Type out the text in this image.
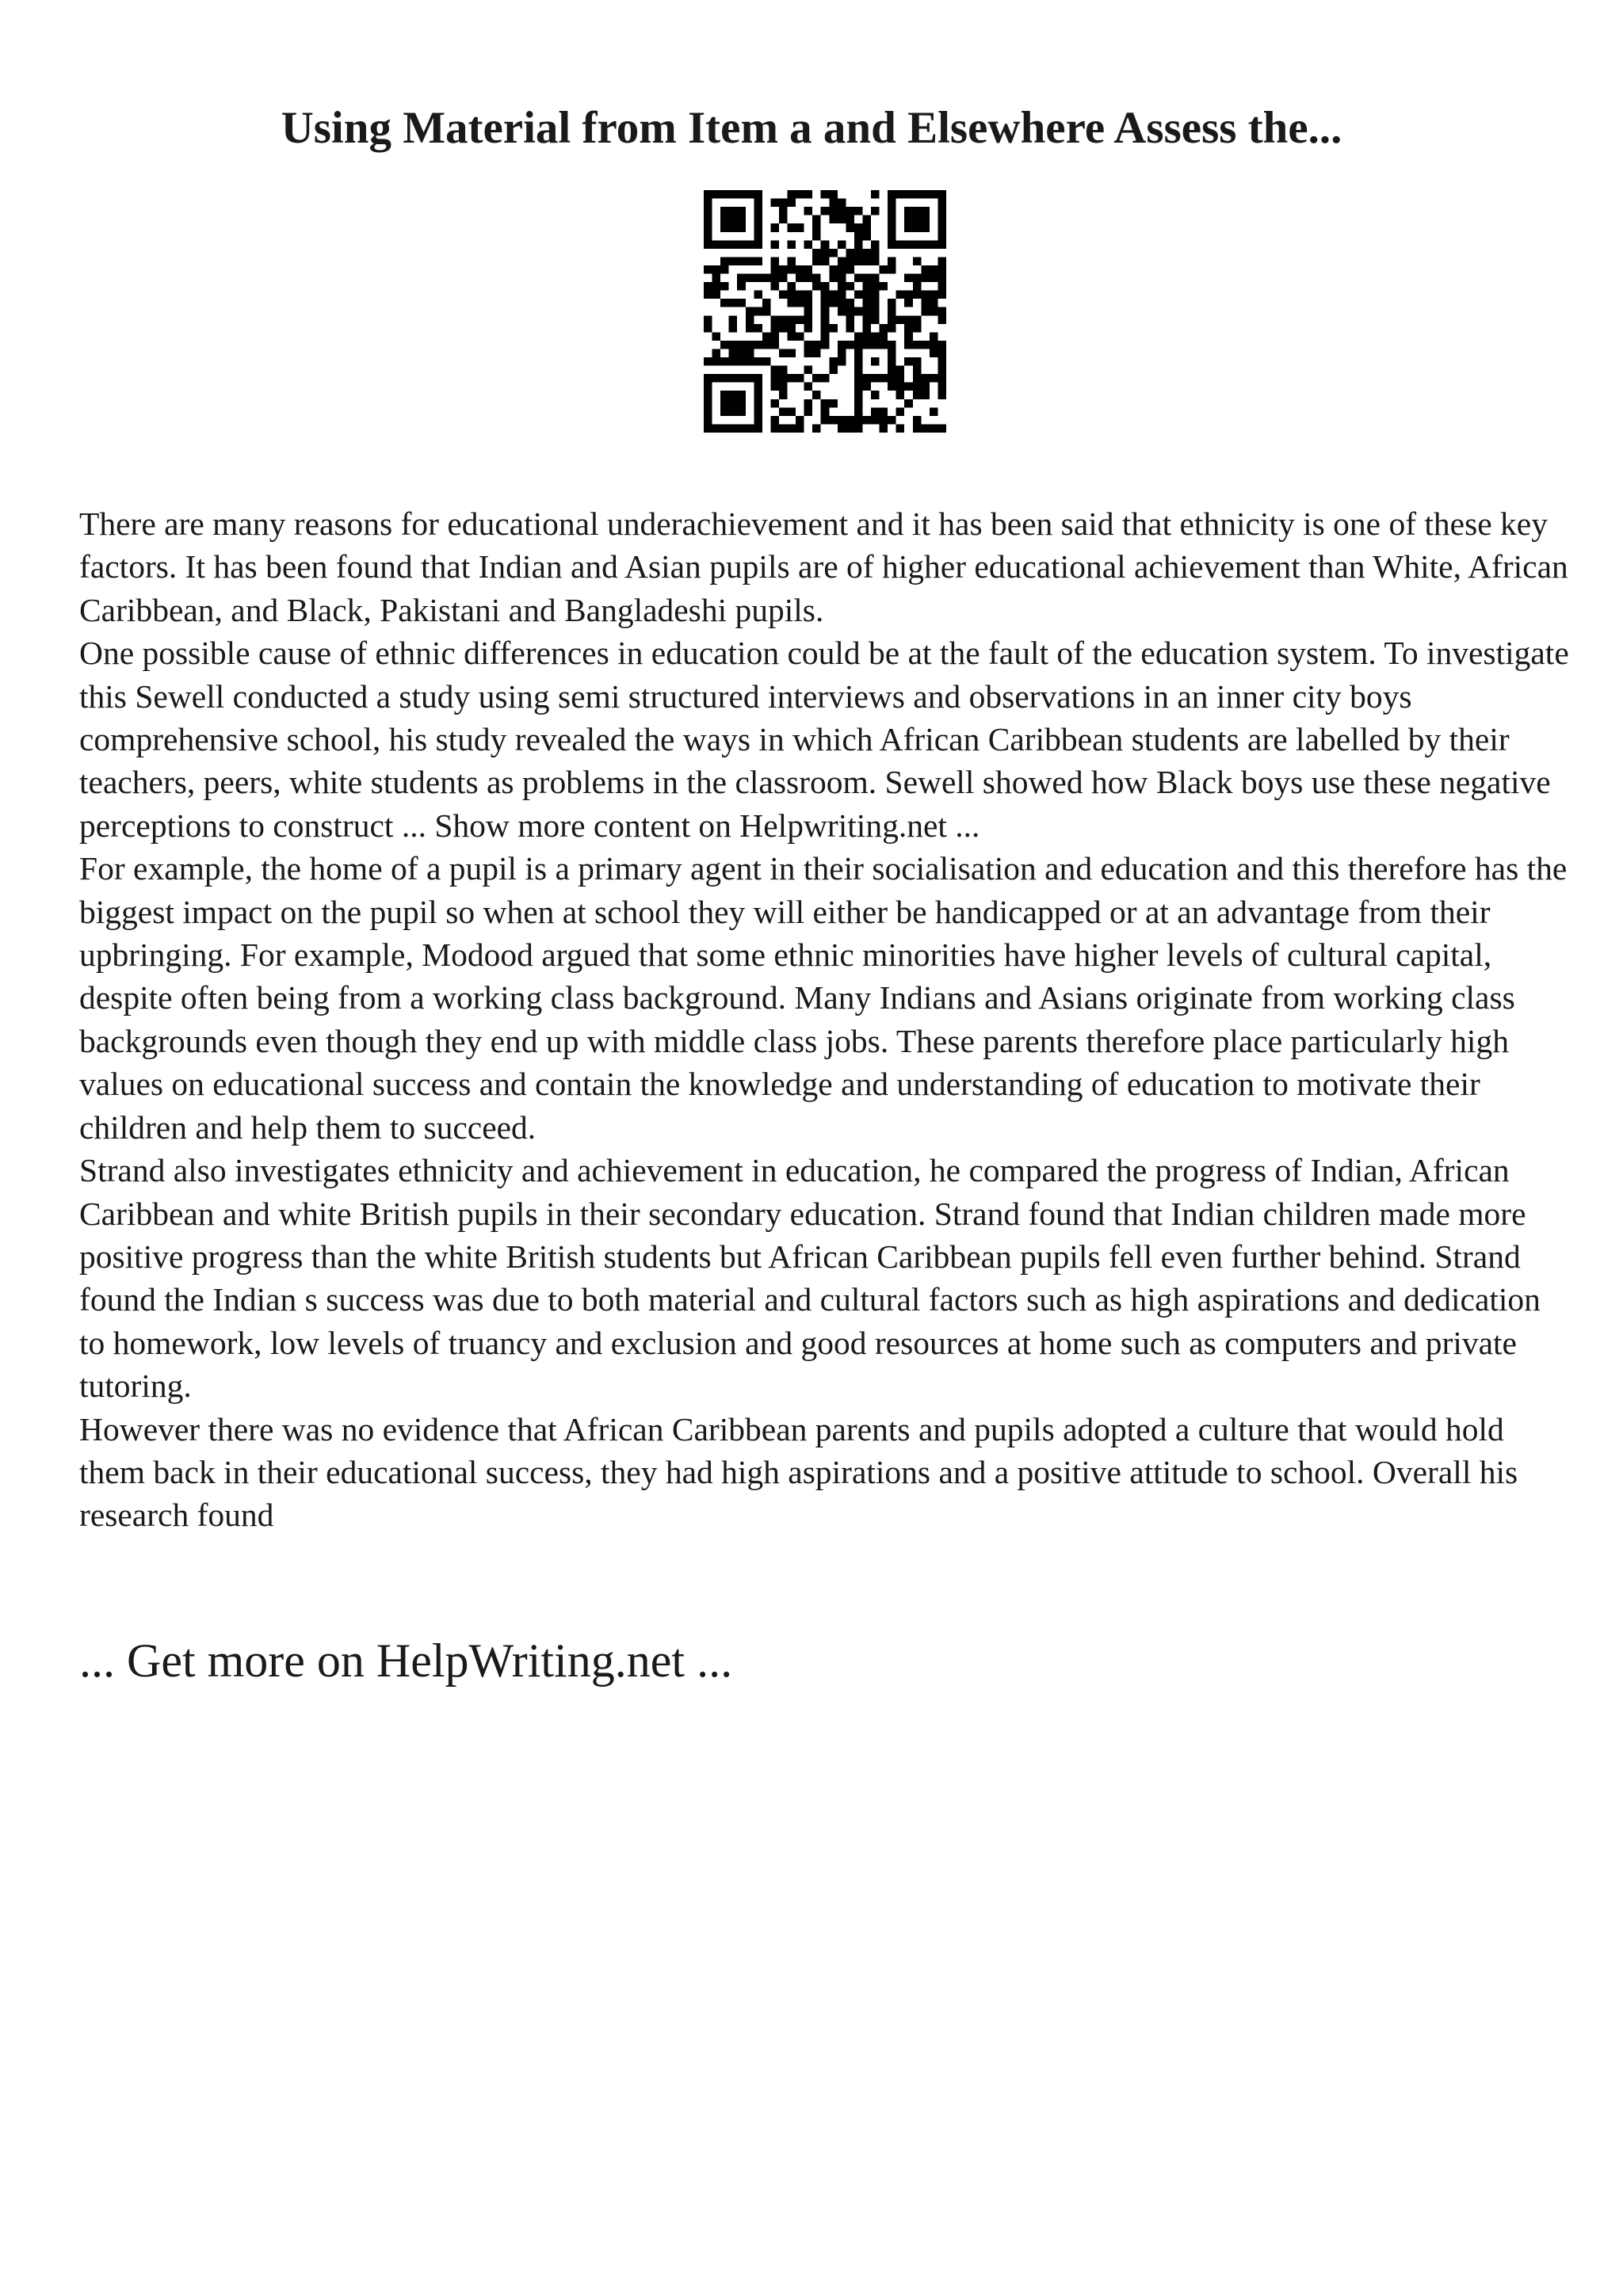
Using Material from Item a and Elsewhere Assess the...

There are many reasons for educational underachievement and it has been said that ethnicity is one of these key factors. It has been found that Indian and Asian pupils are of higher educational achievement than White, African Caribbean, and Black, Pakistani and Bangladeshi pupils.

One possible cause of ethnic differences in education could be at the fault of the education system. To investigate this Sewell conducted a study using semi structured interviews and observations in an inner city boys comprehensive school, his study revealed the ways in which African Caribbean students are labelled by their teachers, peers, white students as problems in the classroom. Sewell showed how Black boys use these negative perceptions to construct ... Show more content on Helpwriting.net ...

For example, the home of a pupil is a primary agent in their socialisation and education and this therefore has the biggest impact on the pupil so when at school they will either be handicapped or at an advantage from their upbringing. For example, Modood argued that some ethnic minorities have higher levels of cultural capital, despite often being from a working class background. Many Indians and Asians originate from working class backgrounds even though they end up with middle class jobs. These parents therefore place particularly high values on educational success and contain the knowledge and understanding of education to motivate their children and help them to succeed.

Strand also investigates ethnicity and achievement in education, he compared the progress of Indian, African Caribbean and white British pupils in their secondary education. Strand found that Indian children made more positive progress than the white British students but African Caribbean pupils fell even further behind. Strand found the Indian s success was due to both material and cultural factors such as high aspirations and dedication to homework, low levels of truancy and exclusion and good resources at home such as computers and private tutoring.

However there was no evidence that African Caribbean parents and pupils adopted a culture that would hold them back in their educational success, they had high aspirations and a positive attitude to school. Overall his research found

... Get more on HelpWriting.net ...
